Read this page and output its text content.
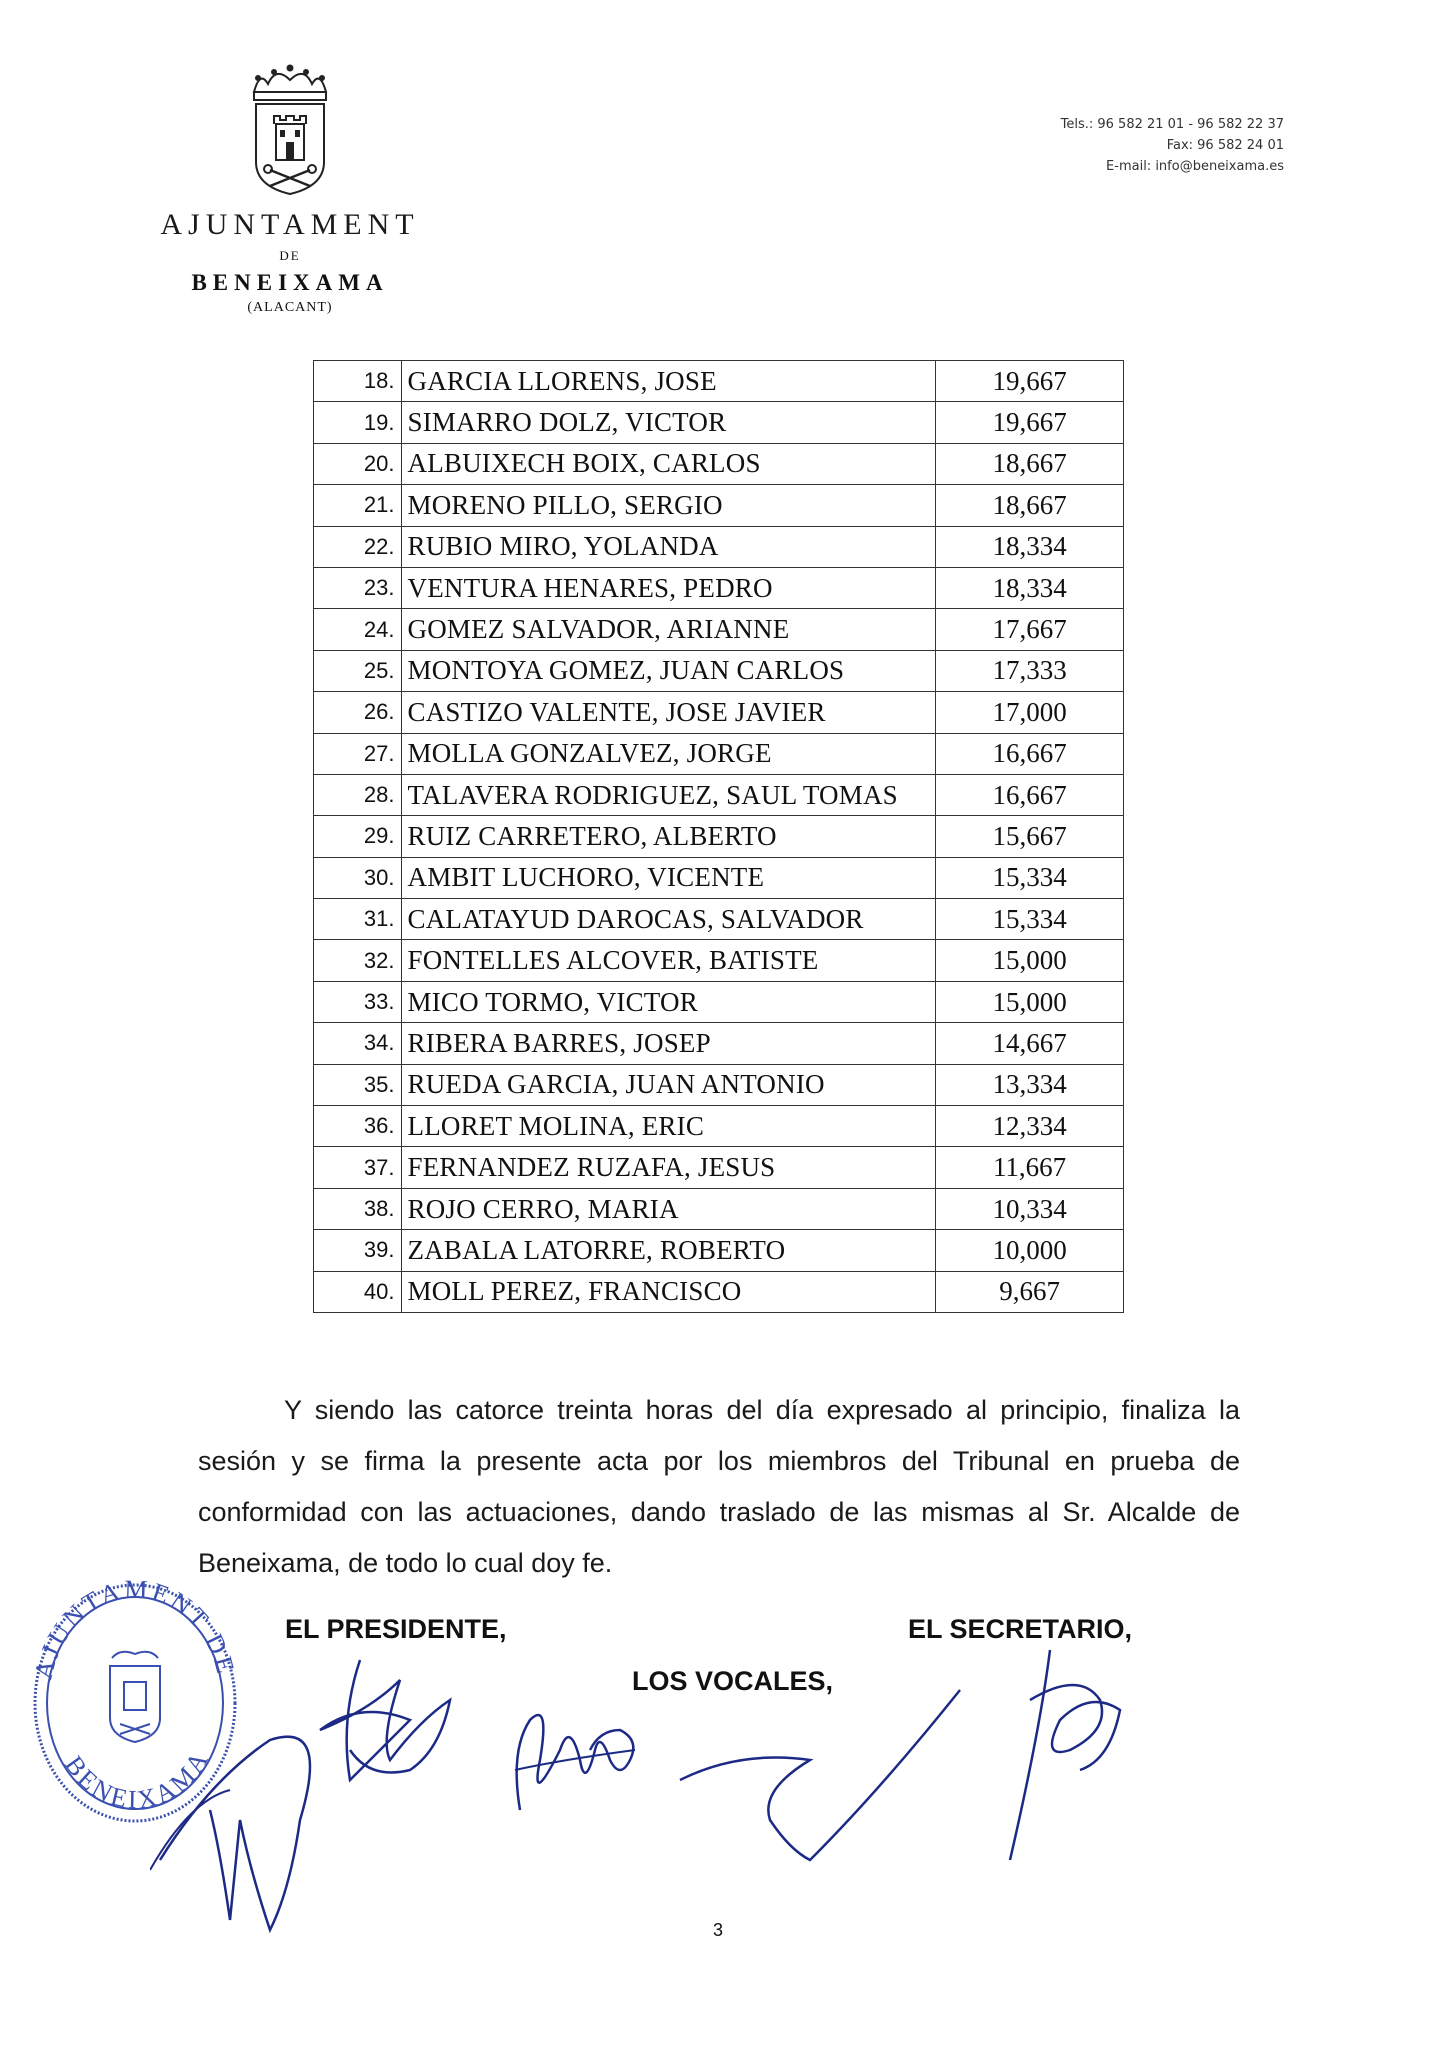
AJUNTAMENT
DE
BENEIXAMA
(ALACANT)
Tels.: 96 582 21 01 - 96 582 22 37
Fax: 96 582 24 01
E-mail: info@beneixama.es
18.	GARCIA LLORENS, JOSE	19,667
19.	SIMARRO DOLZ, VICTOR	19,667
20.	ALBUIXECH BOIX, CARLOS	18,667
21.	MORENO PILLO, SERGIO	18,667
22.	RUBIO MIRO, YOLANDA	18,334
23.	VENTURA HENARES, PEDRO	18,334
24.	GOMEZ SALVADOR, ARIANNE	17,667
25.	MONTOYA GOMEZ, JUAN CARLOS	17,333
26.	CASTIZO VALENTE, JOSE JAVIER	17,000
27.	MOLLA GONZALVEZ, JORGE	16,667
28.	TALAVERA RODRIGUEZ, SAUL TOMAS	16,667
29.	RUIZ CARRETERO, ALBERTO	15,667
30.	AMBIT LUCHORO, VICENTE	15,334
31.	CALATAYUD DAROCAS, SALVADOR	15,334
32.	FONTELLES ALCOVER, BATISTE	15,000
33.	MICO TORMO, VICTOR	15,000
34.	RIBERA BARRES, JOSEP	14,667
35.	RUEDA GARCIA, JUAN ANTONIO	13,334
36.	LLORET MOLINA, ERIC	12,334
37.	FERNANDEZ RUZAFA, JESUS	11,667
38.	ROJO CERRO, MARIA	10,334
39.	ZABALA LATORRE, ROBERTO	10,000
40.	MOLL PEREZ, FRANCISCO	9,667

Y siendo las catorce treinta horas del día expresado al principio, finaliza la sesión y se firma la presente acta por los miembros del Tribunal en prueba de conformidad con las actuaciones, dando traslado de las mismas al Sr. Alcalde de Beneixama, de todo lo cual doy fe.

AJUNTAMENT DE
BENEIXAMA
EL PRESIDENTE,	EL SECRETARIO,
LOS VOCALES,
3
